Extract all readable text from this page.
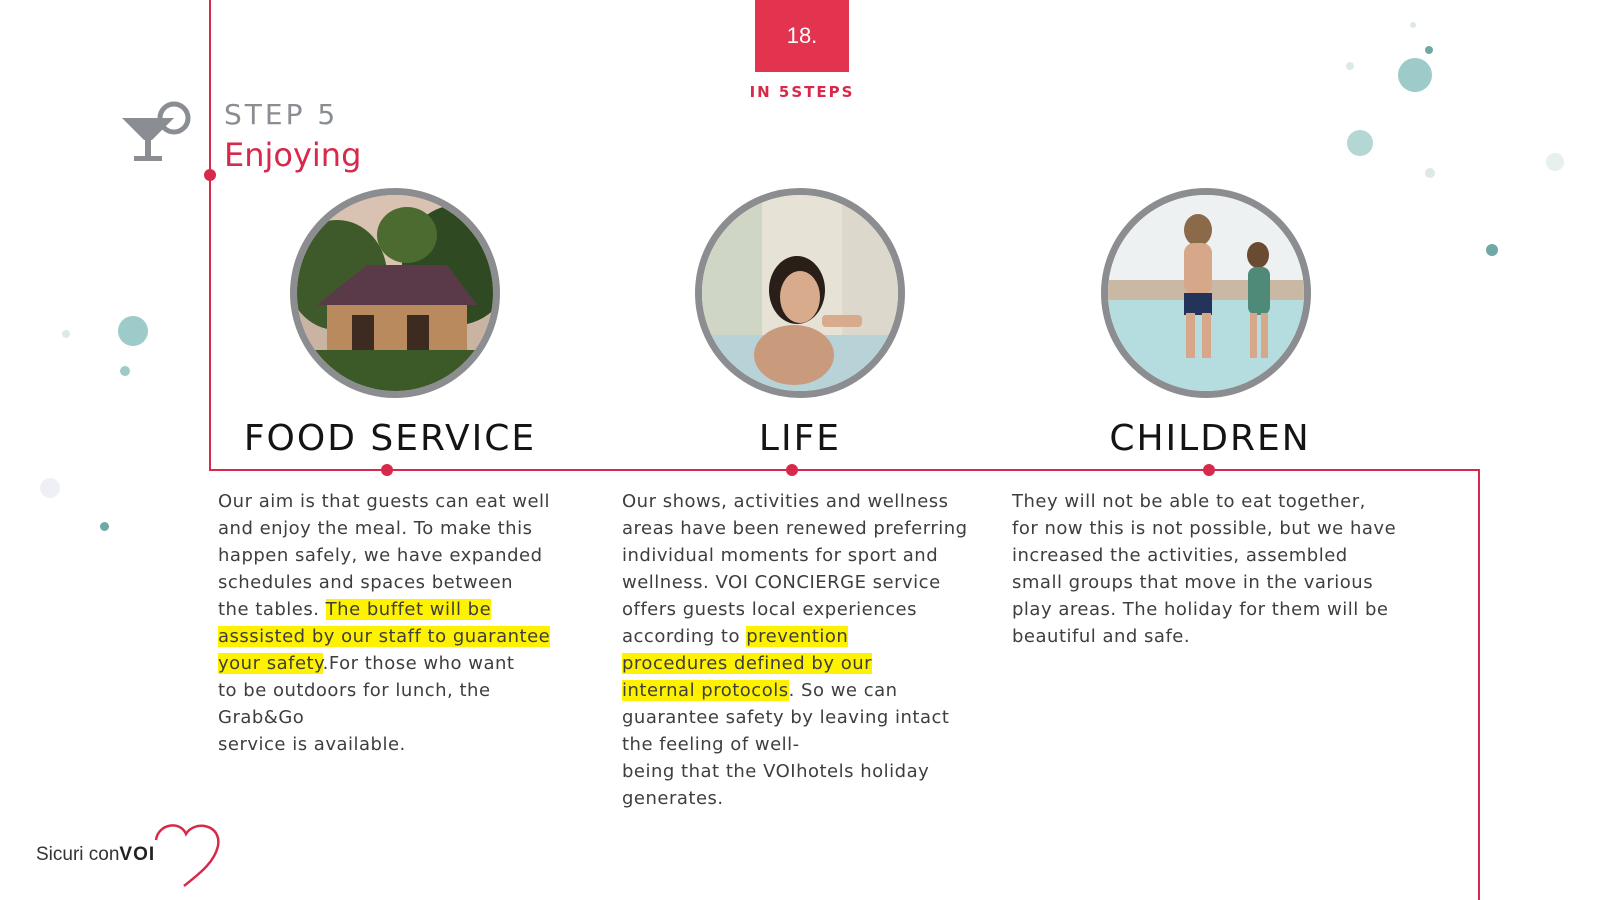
18.
IN 5STEPS
STEP 5
Enjoying
FOOD SERVICE
Our aim is that guests can eat well
and enjoy the meal. To make this
happen safely, we have expanded
schedules and spaces between
the tables. The buffet will be
asssisted by our staff to guarantee
your safety.For those who want
to be outdoors for lunch, the
Grab&Go
service is available.
LIFE
Our shows, activities and wellness
areas have been renewed preferring
individual moments for sport and
wellness. VOI CONCIERGE service
offers guests local experiences
according to prevention
procedures defined by our
internal protocols. So we can
guarantee safety by leaving intact
the feeling of well-
being that the VOIhotels holiday
generates.
CHILDREN
They will not be able to eat together,
for now this is not possible, but we have
increased the activities, assembled
small groups that move in the various
play areas. The holiday for them will be
beautiful and safe.
Sicuri conVOI
